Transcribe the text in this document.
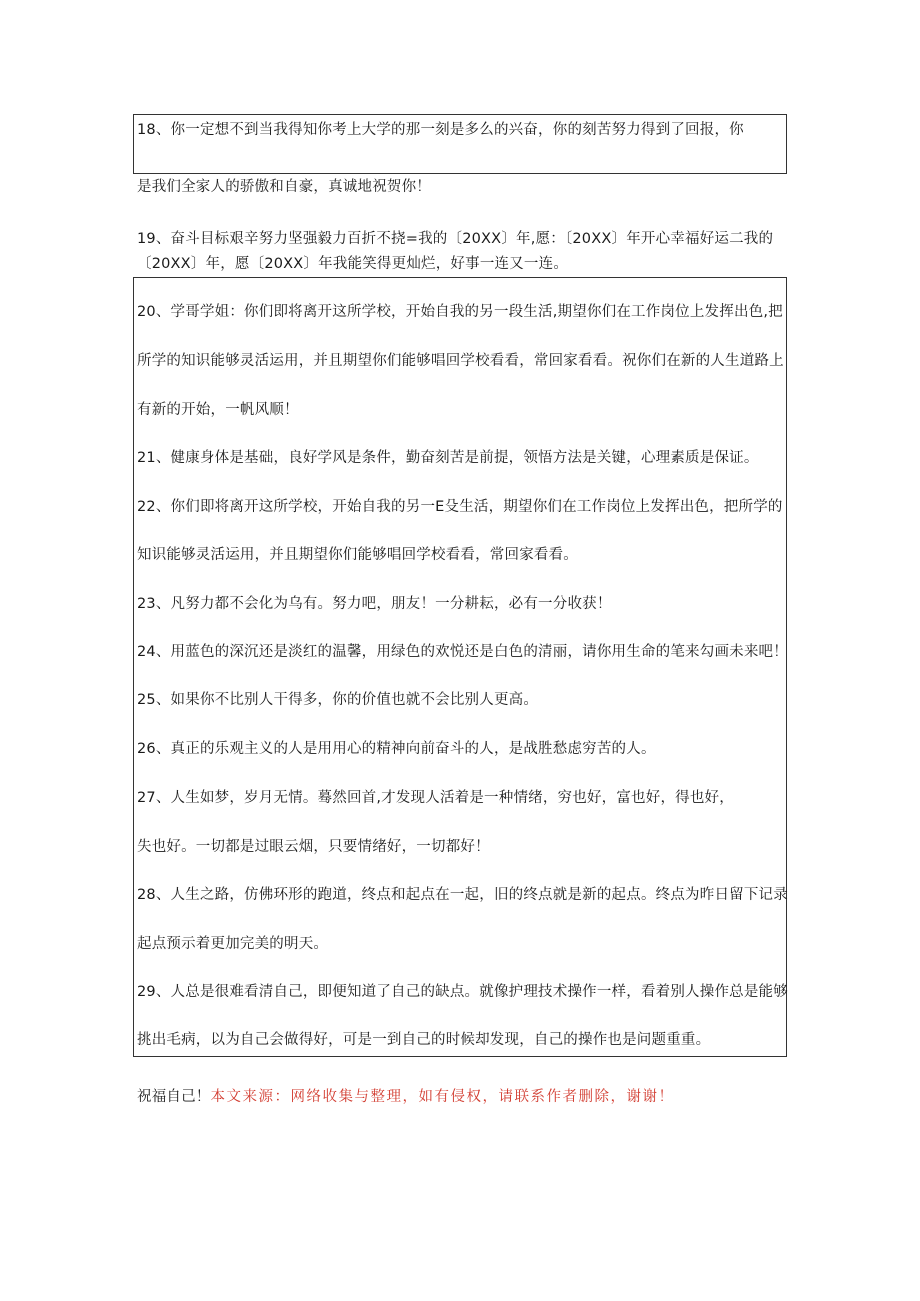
18、你一定想不到当我得知你考上大学的那一刻是多么的兴奋，你的刻苦努力得到了回报，你
是我们全家人的骄傲和自豪，真诚地祝贺你！
19、奋斗目标艰辛努力坚强毅力百折不挠=我的〔20XX〕年,愿：〔20XX〕年开心幸福好运二我的
〔20XX〕年，愿〔20XX〕年我能笑得更灿烂，好事一连又一连。
20、学哥学姐：你们即将离开这所学校，开始自我的另一段生活,期望你们在工作岗位上发挥出色,把
所学的知识能够灵活运用，并且期望你们能够唱回学校看看，常回家看看。祝你们在新的人生道路上
有新的开始，一帆风顺！
21、健康身体是基础，良好学风是条件，勤奋刻苦是前提，领悟方法是关键，心理素质是保证。
22、你们即将离开这所学校，开始自我的另一E殳生活，期望你们在工作岗位上发挥出色，把所学的
知识能够灵活运用，并且期望你们能够唱回学校看看，常回家看看。
23、凡努力都不会化为乌有。努力吧，朋友！一分耕耘，必有一分收获！
24、用蓝色的深沉还是淡红的温馨，用绿色的欢悦还是白色的清丽，请你用生命的笔来勾画未来吧！
25、如果你不比别人干得多，你的价值也就不会比别人更高。
26、真正的乐观主义的人是用用心的精神向前奋斗的人，是战胜愁虑穷苦的人。
27、人生如梦，岁月无情。蓦然回首,才发现人活着是一种情绪，穷也好，富也好，得也好，
失也好。一切都是过眼云烟，只要情绪好，一切都好！
28、人生之路，仿佛环形的跑道，终点和起点在一起，旧的终点就是新的起点。终点为昨日留下记录
起点预示着更加完美的明天。
29、人总是很难看清自己，即便知道了自己的缺点。就像护理技术操作一样，看着别人操作总是能够
挑出毛病，以为自己会做得好，可是一到自己的时候却发现，自己的操作也是问题重重。
祝福自己！本文来源：网络收集与整理，如有侵权，请联系作者删除，谢谢！
